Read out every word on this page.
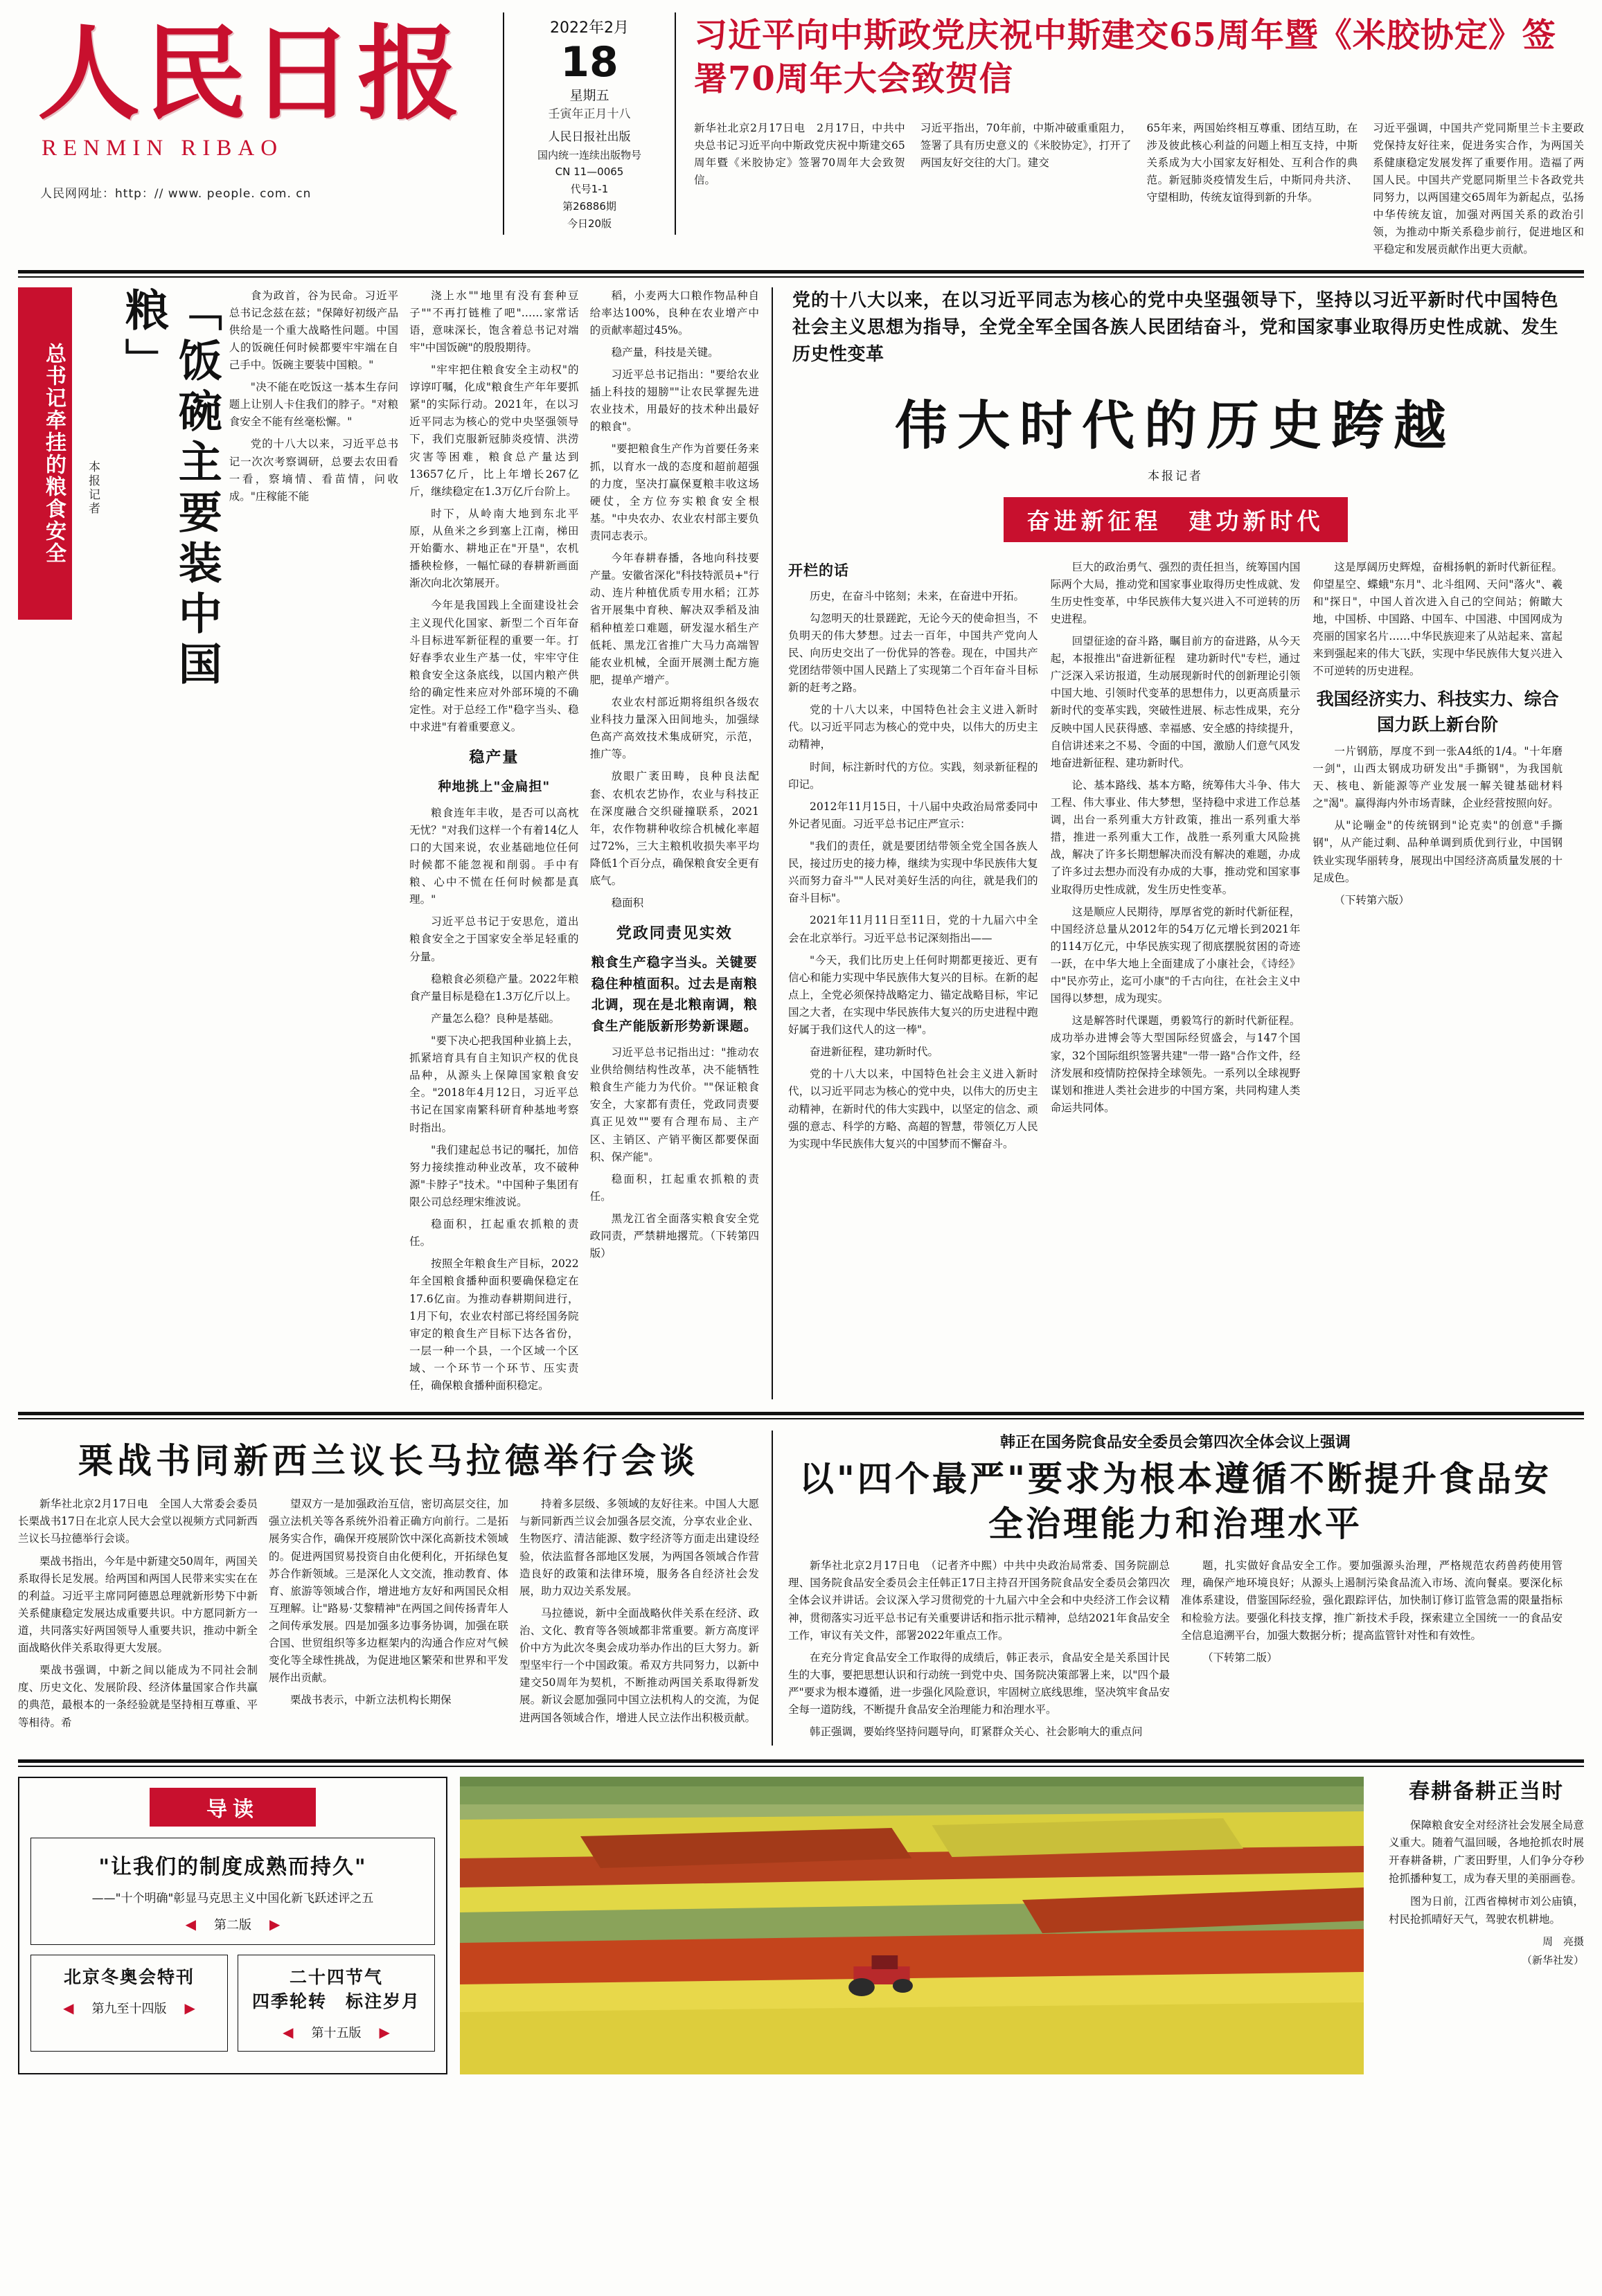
人民日报
RENMIN RIBAO
人民网网址：http：// www. people. com. cn
2022年2月
18
星期五
壬寅年正月十八
人民日报社出版
国内统一连续出版物号
CN 11—0065
代号1-1
第26886期
今日20版
习近平向中斯政党庆祝中斯建交65周年暨《米胶协定》签署70周年大会致贺信

新华社北京2月17日电　2月17日，中共中央总书记习近平向中斯政党庆祝中斯建交65周年暨《米胶协定》签署70周年大会致贺信。

习近平指出，70年前，中斯冲破重重阻力，签署了具有历史意义的《米胶协定》，打开了两国友好交往的大门。建交

65年来，两国始终相互尊重、团结互助，在涉及彼此核心利益的问题上相互支持，中斯关系成为大小国家友好相处、互利合作的典范。新冠肺炎疫情发生后，中斯同舟共济、守望相助，传统友谊得到新的升华。

习近平强调，中国共产党同斯里兰卡主要政党保持友好往来，促进务实合作，为两国关系健康稳定发展发挥了重要作用。造福了两国人民。中国共产党愿同斯里兰卡各政党共同努力，以两国建交65周年为新起点，弘扬中华传统友谊，加强对两国关系的政治引领，为推动中斯关系稳步前行，促进地区和平稳定和发展贡献作出更大贡献。

总书记牵挂的粮食安全	本报记者	「饭碗主要装中国粮」	食为政首，谷为民命。习近平总书记念兹在兹；"保障好初级产品供给是一个重大战略性问题。中国人的饭碗任何时候都要牢牢端在自己手中。饭碗主要装中国粮。"

"决不能在吃饭这一基本生存问题上让别人卡住我们的脖子。"对粮食安全不能有丝毫松懈。"

党的十八大以来，习近平总书记一次次考察调研，总要去农田看一看，察墒情、看苗情，问收成。"庄稼能不能

浇上水""地里有没有套种豆子""不再打链椎了吧"……家常话语，意味深长，饱含着总书记对端牢"中国饭碗"的殷殷期待。

"牢牢把住粮食安全主动权"的谆谆叮嘱，化成"粮食生产年年要抓紧"的实际行动。2021年，在以习近平同志为核心的党中央坚强领导下，我们克服新冠肺炎疫情、洪涝灾害等困难，粮食总产量达到13657亿斤，比上年增长267亿斤，继续稳定在1.3万亿斤台阶上。

时下，从岭南大地到东北平原，从鱼米之乡到塞上江南，梯田开始衢水、耕地正在"开垦"，农机播秧检修，一幅忙碌的春耕新画面渐次向北次第展开。

今年是我国践上全面建设社会主义现代化国家、新型二个百年奋斗目标进军新征程的重要一年。打好春季农业生产基一仗，牢牢守住粮食安全这条底线，以国内粮产供给的确定性来应对外部环境的不确定性。对于总经工作"稳字当头、稳中求进"有着重要意义。

稳产量
种地挑上"金扁担"

粮食连年丰收，是否可以高枕无忧？"对我们这样一个有着14亿人口的大国来说，农业基础地位任何时候都不能忽视和削弱。手中有粮、心中不慌在任何时候都是真理。"

习近平总书记于安思危，道出粮食安全之于国家安全举足轻重的分量。

稳粮食必须稳产量。2022年粮食产量目标是稳在1.3万亿斤以上。

产量怎么稳？良种是基础。

"要下决心把我国种业搞上去，抓紧培育具有自主知识产权的优良品种，从源头上保障国家粮食安全。"2018年4月12日，习近平总书记在国家南繁科研育种基地考察时指出。

"我们建起总书记的嘱托，加倍努力接续推动种业改革，攻不破种源"卡脖子"技术。"中国种子集团有限公司总经理宋维波说。

稳面积，扛起重农抓粮的责任。

按照全年粮食生产目标，2022年全国粮食播种面积要确保稳定在17.6亿亩。为推动春耕期间进行，1月下旬，农业农村部已将经国务院审定的粮食生产目标下达各省份，一层一种一个县，一个区域一个区域、一个环节一个环节、压实责任，确保粮食播种面积稳定。

稻，小麦两大口粮作物品种自给率达100%，良种在农业增产中的贡献率超过45%。

稳产量，科技是关键。

习近平总书记指出："要给农业插上科技的翅膀""让农民掌握先进农业技术，用最好的技术种出最好的粮食"。

"要把粮食生产作为首要任务来抓，以育水一战的态度和超前超强的力度，坚决打赢保夏粮丰收这场硬仗，全方位夯实粮食安全根基。"中央农办、农业农村部主要负责同志表示。

今年春耕春播，各地向科技要产量。安徽省深化"科技特派员+"行动、连片种植优质专用水稻；江苏省开展集中育秧、解决双季稻及油稻种植差口难题，研发湿水稻生产低耗、黑龙江省推广大马力高端智能农业机械，全面开展测土配方施肥，提单产增产。

农业农村部近期将组织各级农业科技力量深入田间地头，加强绿色高产高效技术集成研究，示范，推广等。

放眼广袤田畴，良种良法配套、农机农艺协作，农业与科技正在深度融合交织碰撞联系，2021年，农作物耕种收综合机械化率超过72%，三大主粮机收损失率平均降低1个百分点，确保粮食安全更有底气。

稳面积

党政同责见实效
粮食生产稳字当头。关键要稳住种植面积。过去是南粮北调，现在是北粮南调，粮食生产能版新形势新课题。

习近平总书记指出过："推动农业供给侧结构性改革，决不能牺牲粮食生产能力为代价。""保证粮食安全，大家都有责任，党政同责要真正见效""要有合理布局、主产区、主销区、产销平衡区都要保面积、保产能"。

稳面积，扛起重农抓粮的责任。

黑龙江省全面落实粮食安全党政同责，严禁耕地撂荒。（下转第四版）

党的十八大以来，在以习近平同志为核心的党中央坚强领导下，坚持以习近平新时代中国特色社会主义思想为指导，全党全军全国各族人民团结奋斗，党和国家事业取得历史性成就、发生历史性变革
伟大时代的历史跨越
本报记者
奋进新征程　建功新时代
开栏的话

历史，在奋斗中铭刻；未来，在奋进中开拓。

勾忽明天的壮景蹉跎，无论今天的使命担当，不负明天的伟大梦想。过去一百年，中国共产党向人民、向历史交出了一份优异的答卷。现在，中国共产党团结带领中国人民踏上了实现第二个百年奋斗目标新的赶考之路。

党的十八大以来，中国特色社会主义进入新时代。以习近平同志为核心的党中央，以伟大的历史主动精神，

时间，标注新时代的方位。实践，刻录新征程的印记。

2012年11月15日，十八届中央政治局常委同中外记者见面。习近平总书记庄严宣示：

"我们的责任，就是要团结带领全党全国各族人民，接过历史的接力棒，继续为实现中华民族伟大复兴而努力奋斗""人民对美好生活的向往，就是我们的奋斗目标"。

2021年11月11日至11日，党的十九届六中全会在北京举行。习近平总书记深刻指出——

"今天，我们比历史上任何时期都更接近、更有信心和能力实现中华民族伟大复兴的目标。在新的起点上，全党必须保持战略定力、锚定战略目标，牢记国之大者，在实现中华民族伟大复兴的历史进程中跑好属于我们这代人的这一棒"。

奋进新征程，建功新时代。

党的十八大以来，中国特色社会主义进入新时代，以习近平同志为核心的党中央，以伟大的历史主动精神，在新时代的伟大实践中，以坚定的信念、顽强的意志、科学的方略、高超的智慧，带领亿万人民为实现中华民族伟大复兴的中国梦而不懈奋斗。

巨大的政治勇气、强烈的责任担当，统筹国内国际两个大局，推动党和国家事业取得历史性成就、发生历史性变革，中华民族伟大复兴进入不可逆转的历史进程。

回望征途的奋斗路，瞩目前方的奋进路，从今天起，本报推出"奋进新征程　建功新时代"专栏，通过广泛深入采访报道，生动展现新时代的创新理论引领中国大地、引领时代变革的思想伟力，以更高质量示新时代的变革实践，突破性进展、标志性成果，充分反映中国人民获得感、幸福感、安全感的持续提升，自信讲述来之不易、令面的中国，激励人们意气风发地奋进新征程、建功新时代。

论、基本路线、基本方略，统筹伟大斗争、伟大工程、伟大事业、伟大梦想，坚持稳中求进工作总基调，出台一系列重大方针政策，推出一系列重大举措，推进一系列重大工作，战胜一系列重大风险挑战，解决了许多长期想解决而没有解决的难题，办成了许多过去想办而没有办成的大事，推动党和国家事业取得历史性成就，发生历史性变革。

这是顺应人民期待，厚厚省党的新时代新征程，中国经济总量从2012年的54万亿元增长到2021年的114万亿元，中华民族实现了彻底摆脱贫困的奇迹一跃，在中华大地上全面建成了小康社会，《诗经》中"民亦劳止，迄可小康"的千古向往，在社会主义中国得以梦想，成为现实。

这是解答时代课题，勇毅笃行的新时代新征程。成功举办进博会等大型国际经贸盛会，与147个国家，32个国际组织签署共建"一带一路"合作文件，经济发展和疫情防控保持全球领先。一系列以全球视野谋划和推进人类社会进步的中国方案，共同构建人类命运共同体。

这是厚阔历史辉煌，奋楫扬帆的新时代新征程。仰望星空、蝶蛾"东月"、北斗组网、天问"落火"、羲和"探日"，中国人首次进入自己的空间站；俯瞰大地，中国桥、中国路、中国车、中国港、中国网成为亮丽的国家名片……中华民族迎来了从站起来、富起来到强起来的伟大飞跃，实现中华民族伟大复兴进入不可逆转的历史进程。

我国经济实力、科技实力、综合国力跃上新台阶

一片钢筋，厚度不到一张A4纸的1/4。"十年磨一剑"，山西太钢成功研发出"手撕钢"，为我国航天、核电、新能源等产业发展一解关键基础材料之"渴"。赢得海内外市场青睐，企业经营按照向好。

从"论嘣金"的传统钢到"论克卖"的创意"手撕钢"，从产能过剩、品种单调到质优到行业，中国钢铁业实现华丽转身，展现出中国经济高质量发展的十足成色。

（下转第六版）

栗战书同新西兰议长马拉德举行会谈

新华社北京2月17日电　全国人大常委会委员长栗战书17日在北京人民大会堂以视频方式同新西兰议长马拉德举行会谈。

栗战书指出，今年是中新建交50周年，两国关系取得长足发展。给两国和两国人民带来实实在在的利益。习近平主席同阿德恩总理就新形势下中新关系健康稳定发展达成重要共识。中方愿同新方一道，共同落实好两国领导人重要共识，推动中新全面战略伙伴关系取得更大发展。

栗战书强调，中新之间以能成为不同社会制度、历史文化、发展阶段、经济体量国家合作共赢的典范，最根本的一条经验就是坚持相互尊重、平等相待。希

望双方一是加强政治互信，密切高层交往，加强立法机关等各系统外沿着正确方向前行。二是拓展务实合作，确保开疫展阶饮中深化高新技术领域的。促进两国贸易投资自由化便利化，开拓绿色复苏合作新领域。三是深化人文交流，推动教育、体育、旅游等领域合作，增进地方友好和两国民众相互理解。让"路易·艾黎精神"在两国之间传扬青年人之间传承发展。四是加强多边事务协调，加强在联合国、世贸组织等多边框架内的沟通合作应对气候变化等全球性挑战，为促进地区繁荣和世界和平发展作出贡献。

栗战书表示，中新立法机构长期保

持着多层级、多领域的友好往来。中国人大愿与新同新西兰议会加强各层交流，分享农业企业、生物医疗、清洁能源、数字经济等方面走出建设经验，依法监督各部地区发展，为两国各领域合作营造良好的政策和法律环境，服务各自经济社会发展，助力双边关系发展。

马拉德说，新中全面战略伙伴关系在经济、政治、文化、教育等各领域都非常重要。新方高度评价中方为此次冬奥会成功举办作出的巨大努力。新型坚牢行一个中国政策。希双方共同努力，以新中建交50周年为契机，不断推动两国关系取得新发展。新议会愿加强同中国立法机构人的交流，为促进两国各领域合作，增进人民立法作出积极贡献。

韩正在国务院食品安全委员会第四次全体会议上强调
以"四个最严"要求为根本遵循不断提升食品安全治理能力和治理水平

新华社北京2月17日电　（记者齐中熙）中共中央政治局常委、国务院副总理、国务院食品安全委员会主任韩正17日主持召开国务院食品安全委员会第四次全体会议并讲话。会议深入学习贯彻党的十九届六中全会和中央经济工作会议精神，贯彻落实习近平总书记有关重要讲话和指示批示精神，总结2021年食品安全工作，审议有关文件，部署2022年重点工作。

在充分肯定食品安全工作取得的成绩后，韩正表示，食品安全是关系国计民生的大事，要把思想认识和行动统一到党中央、国务院决策部署上来，以"四个最严"要求为根本遵循，进一步强化风险意识，牢固树立底线思维，坚决筑牢食品安全每一道防线，不断提升食品安全治理能力和治理水平。

韩正强调，要始终坚持问题导向，盯紧群众关心、社会影响大的重点问

题，扎实做好食品安全工作。要加强源头治理，严格规范农药兽药使用管理，确保产地环境良好；从源头上遏制污染食品流入市场、流向餐桌。要深化标准体系建设，借鉴国际经验，强化跟踪评估，加快制订修订监管急需的限量指标和检验方法。要强化科技支撑，推广新技术手段，探索建立全国统一一的食品安全信息追溯平台，加强大数据分析；提高监管针对性和有效性。

（下转第二版）

导读
"让我们的制度成熟而持久"
——"十个明确"彰显马克思主义中国化新飞跃述评之五
◀ 第二版 ▶
北京冬奥会特刊
◀ 第九至十四版 ▶
二十四节气
四季轮转　标注岁月
◀ 第十五版 ▶
春耕备耕正当时

保障粮食安全对经济社会发展全局意义重大。随着气温回暖，各地抢抓农时展开春耕备耕，广袤田野里，人们争分夺秒抢抓播种复工，成为春天里的美丽画卷。

图为日前，江西省樟树市刘公庙镇，村民抢抓晴好天气，驾驶农机耕地。

周　亮摄
（新华社发）
